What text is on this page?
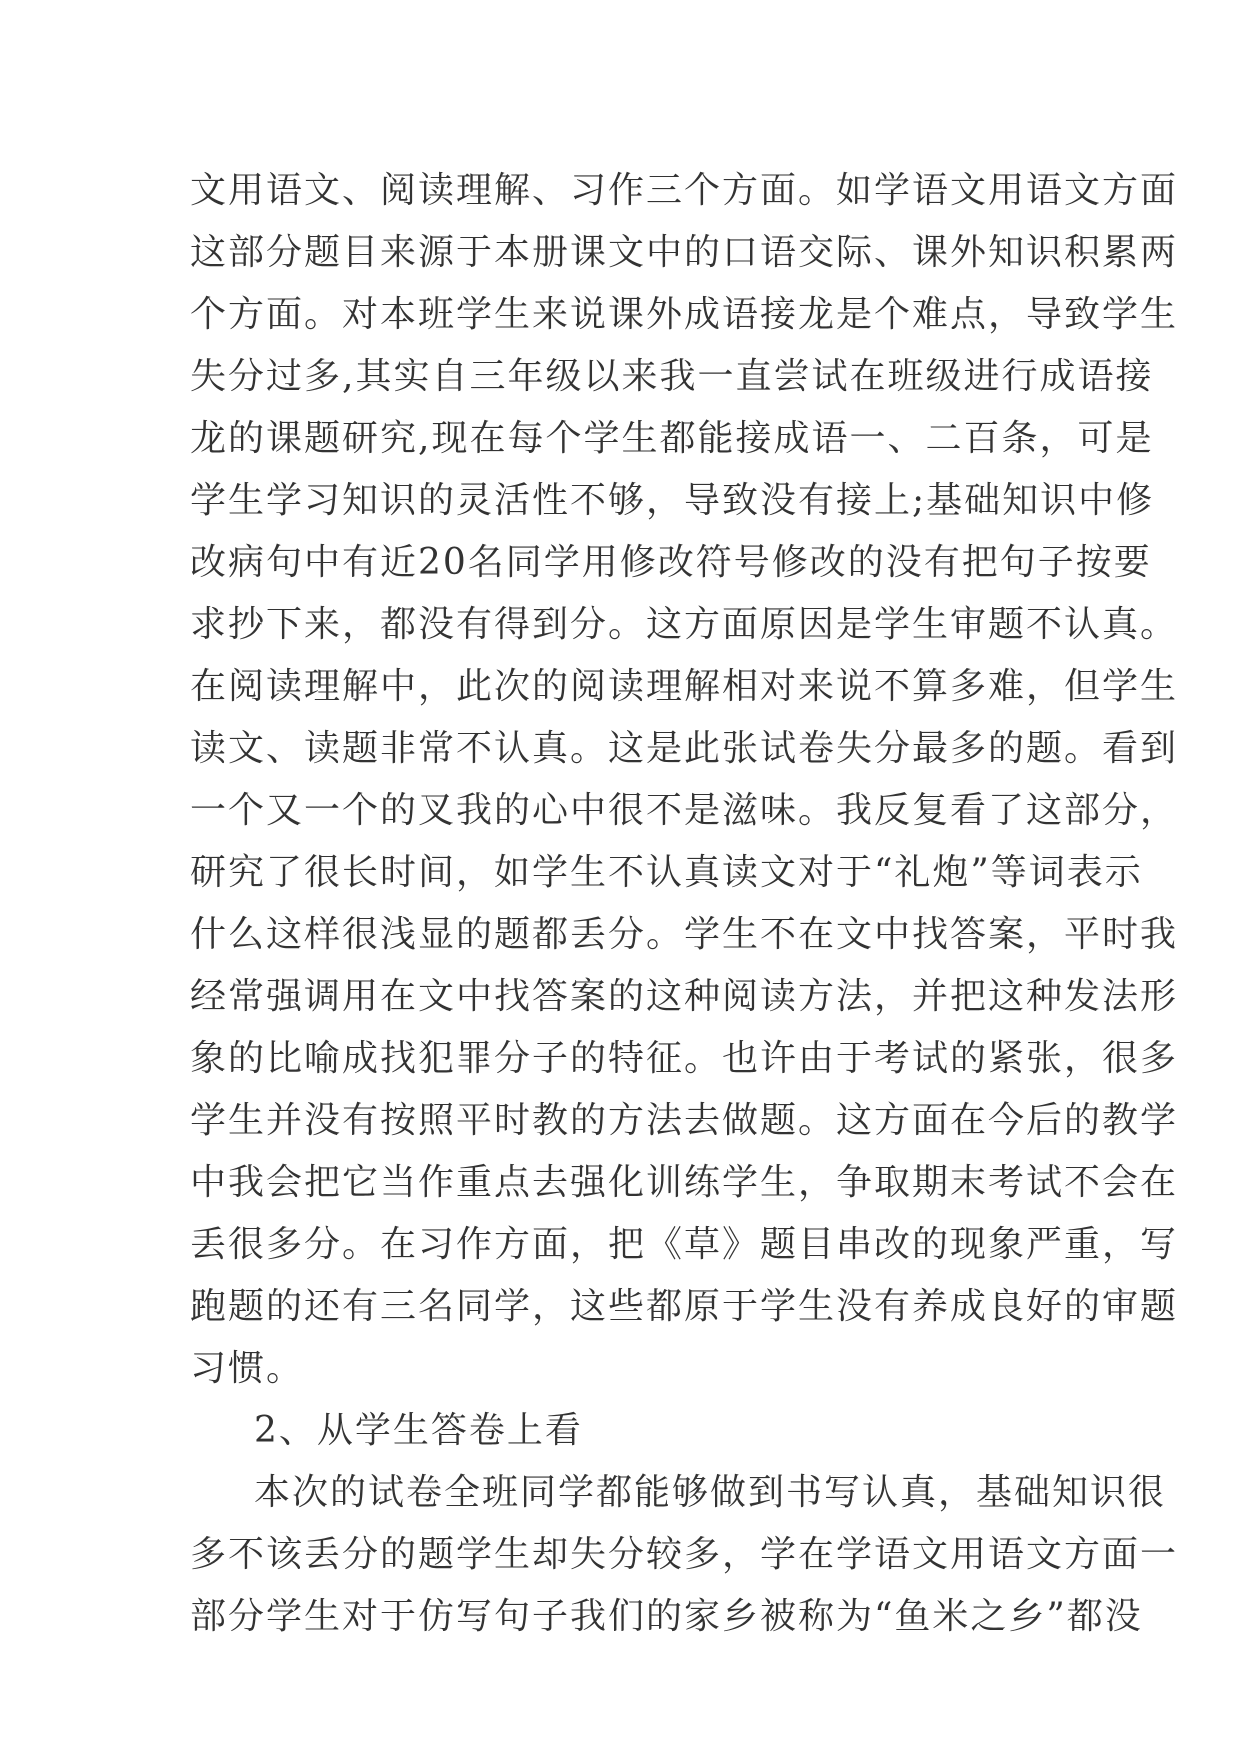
文用语文、阅读理解、习作三个方面。如学语文用语文方面
这部分题目来源于本册课文中的口语交际、课外知识积累两
个方面。对本班学生来说课外成语接龙是个难点，导致学生
失分过多,其实自三年级以来我一直尝试在班级进行成语接
龙的课题研究,现在每个学生都能接成语一、二百条，可是
学生学习知识的灵活性不够，导致没有接上;基础知识中修
改病句中有近20名同学用修改符号修改的没有把句子按要
求抄下来，都没有得到分。这方面原因是学生审题不认真。
在阅读理解中，此次的阅读理解相对来说不算多难，但学生
读文、读题非常不认真。这是此张试卷失分最多的题。看到
一个又一个的叉我的心中很不是滋味。我反复看了这部分，
研究了很长时间，如学生不认真读文对于“礼炮”等词表示
什么这样很浅显的题都丢分。学生不在文中找答案，平时我
经常强调用在文中找答案的这种阅读方法，并把这种发法形
象的比喻成找犯罪分子的特征。也许由于考试的紧张，很多
学生并没有按照平时教的方法去做题。这方面在今后的教学
中我会把它当作重点去强化训练学生，争取期末考试不会在
丢很多分。在习作方面，把《草》题目串改的现象严重，写
跑题的还有三名同学，这些都原于学生没有养成良好的审题
习惯。
2、从学生答卷上看
本次的试卷全班同学都能够做到书写认真，基础知识很
多不该丢分的题学生却失分较多，学在学语文用语文方面一
部分学生对于仿写句子我们的家乡被称为“鱼米之乡”都没
